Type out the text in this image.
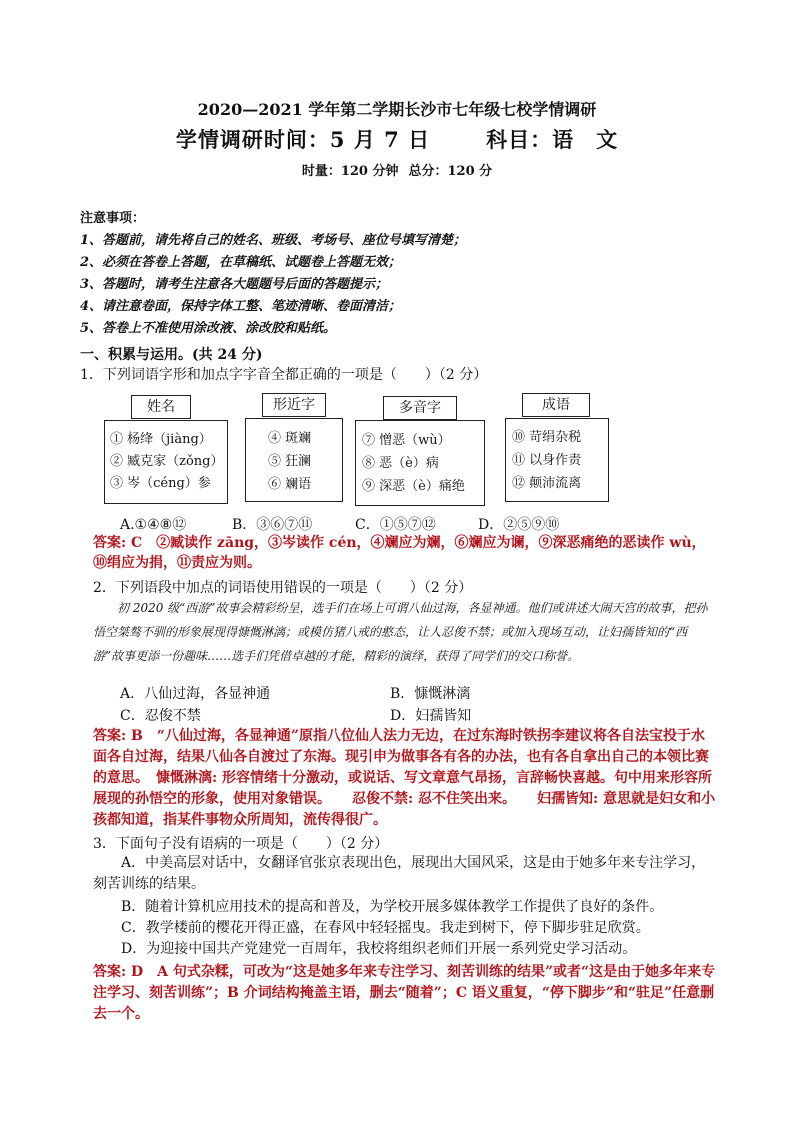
2020—2021 学年第二学期长沙市七年级七校学情调研
学情调研时间：5 月 7 日	科目：语　文
时量：120 分钟 总分：120 分
注意事项：
1、答题前，请先将自己的姓名、班级、考场号、座位号填写清楚；
2、必须在答卷上答题，在草稿纸、试题卷上答题无效；
3、答题时，请考生注意各大题题号后面的答题提示；
4、请注意卷面，保持字体工整、笔迹清晰、卷面清洁；
5、答卷上不准使用涂改液、涂改胶和贴纸。
一、积累与运用。(共 24 分)
1．下列词语字形和加点字字音全都正确的一项是（　　）（2 分）
姓名
① 杨绛（jiàng）
② 臧克家（zǒng）
③ 岑（céng）参
形近字
④ 斑斓
⑤ 狂澜
⑥ 斓语
多音字
⑦ 憎恶（wù）
⑧ 恶（è）病
⑨ 深恶（è）痛绝
成语
⑩ 苛绢杂税
⑪ 以身作责
⑫ 颠沛流离
A.①④⑧⑫	B．③⑥⑦⑪	C．①⑤⑦⑫	D．②⑤⑨⑩
答案: C　②臧读作 zāng，③岑读作 cén，④斓应为斓，⑥斓应为谰，⑨深恶痛绝的恶读作 wù，⑩绢应为捐，⑪责应为则。
2．下列语段中加点的词语使用错误的一项是（　　）（2 分）
初 2020 级“西游”故事会精彩纷呈，选手们在场上可谓八仙过海，各显神通。他们或讲述大闹天宫的故事，把孙悟空桀骜不驯的形象展现得慷慨淋漓；或模仿猪八戒的憨态，让人忍俊不禁；或加入现场互动，让妇孺皆知的“西游”故事更添一份趣味……选手们凭借卓越的才能，精彩的演绎，获得了同学们的交口称誉。
A．八仙过海，各显神通	B．慷慨淋漓
C．忍俊不禁	D．妇孺皆知
答案: B　“八仙过海，各显神通”原指八位仙人法力无边，在过东海时铁拐李建议将各自法宝投于水面各自过海，结果八仙各自渡过了东海。现引申为做事各有各的办法，也有各自拿出自己的本领比赛的意思。　慷慨淋漓: 形容情绪十分激动，或说话、写文章意气昂扬，言辞畅快喜越。句中用来形容所展现的孙悟空的形象，使用对象错误。　　忍俊不禁: 忍不住笑出来。　　妇孺皆知: 意思就是妇女和小孩都知道，指某件事物众所周知，流传得很广。
3．下面句子没有语病的一项是（　　）（2 分）
A．中美高层对话中，女翻译官张京表现出色，展现出大国风采，这是由于她多年来专注学习，刻苦训练的结果。
B．随着计算机应用技术的提高和普及，为学校开展多媒体教学工作提供了良好的条件。
C．教学楼前的樱花开得正盛，在春风中轻轻摇曳。我走到树下，停下脚步驻足欣赏。
D．为迎接中国共产党建党一百周年，我校将组织老师们开展一系列党史学习活动。
答案: D　A 句式杂糅，可改为“这是她多年来专注学习、刻苦训练的结果”或者“这是由于她多年来专注学习、刻苦训练”；B 介词结构掩盖主语，删去“随着”；C 语义重复，“停下脚步”和“驻足”任意删去一个。
